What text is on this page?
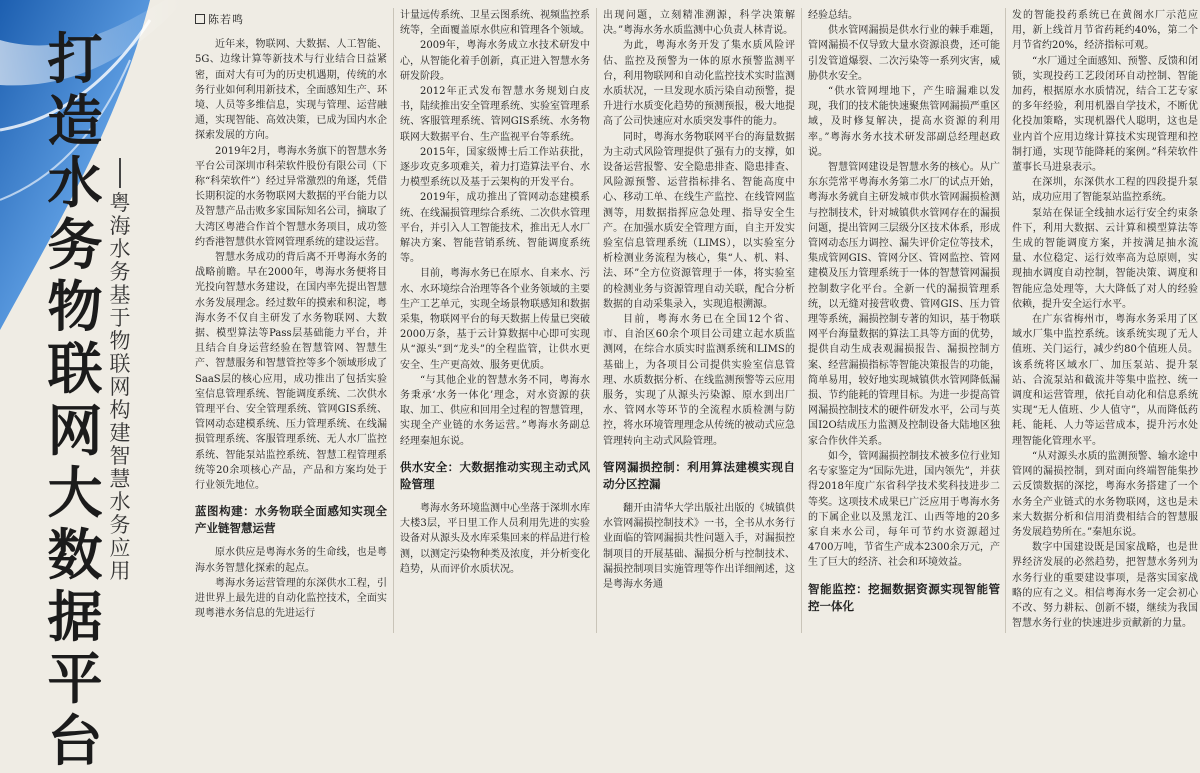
打
造
水
务
物
联
网
大
数
据
平
台
粤
海
水
务
基
于
物
联
网
构
建
智
慧
水
务
应
用
陈若鸣

近年来，物联网、大数据、人工智能、5G、边缘计算等新技术与行业结合日益紧密，面对大有可为的历史机遇期，传统的水务行业如何利用新技术，全面感知生产、环境、人员等多维信息，实现与管理、运营融通，实现智能、高效决策，已成为国内水企探索发展的方向。

2019年2月，粤海水务旗下的智慧水务平台公司深圳市科荣软件股份有限公司（下称“科荣软件”）经过异常激烈的角逐，凭借长期积淀的水务物联网大数据的平台能力以及智慧产品击败多家国际知名公司，摘取了大湾区粤港合作首个智慧水务项目，成功签约香港智慧供水管网管理系统的建设运营。

智慧水务成功的背后离不开粤海水务的战略前瞻。早在2000年，粤海水务便将目光投向智慧水务建设，在国内率先提出智慧水务发展理念。经过数年的摸索和积淀，粤海水务不仅自主研发了水务物联网、大数据、模型算法等Pass层基础能力平台，并且结合自身运营经验在智慧管网、智慧生产、智慧服务和智慧管控等多个领域形成了SaaS层的核心应用，成功推出了包括实验室信息管理系统、智能调度系统、二次供水管理平台、安全管理系统、管网GIS系统、管网动态建模系统、压力管理系统、在线漏损管理系统、客服管理系统、无人水厂监控系统、智能泵站监控系统、智慧工程管理系统等20余项核心产品，产品和方案均处于行业领先地位。

蓝图构建：水务物联全面感知实现全产业链智慧运营

原水供应是粤海水务的生命线，也是粤海水务智慧化探索的起点。

粤海水务运营管理的东深供水工程，引进世界上最先进的自动化监控技术，全面实现粤港水务信息的先进运行

计量远传系统、卫星云图系统、视频监控系统等，全面覆盖原水供应和管理各个领域。

2009年，粤海水务成立水技术研发中心，从智能化着手创新，真正进入智慧水务研发阶段。

2012年正式发布智慧水务规划白皮书，陆续推出安全管理系统、实验室管理系统、客服管理系统、管网GIS系统、水务物联网大数据平台、生产监视平台等系统。

2015年，国家级博士后工作站获批，逐步攻克多项难关，着力打造算法平台、水力模型系统以及基于云架构的开发平台。

2019年，成功推出了管网动态建模系统、在线漏损管理综合系统、二次供水管理平台，并引入人工智能技术，推出无人水厂解决方案、智能营销系统、智能调度系统等。

目前，粤海水务已在原水、自来水、污水、水环境综合治理等各个业务领域的主要生产工艺单元，实现全场景物联感知和数据采集，物联网平台的每天数据上传量已突破2000万条，基于云计算数据中心即可实现从“源头”到“龙头”的全程监管，让供水更安全、生产更高效、服务更优质。

“与其他企业的智慧水务不同，粤海水务秉承‘水务一体化’理念，对水资源的获取、加工、供应和回用全过程的智慧管理，实现全产业链的水务运营。”粤海水务副总经理秦旭东说。

供水安全：大数据推动实现主动式风险管理

粤海水务环境监测中心坐落于深圳水库大楼3层，平日里工作人员利用先进的实验设备对从源头及水库采集回来的样品进行检测，以测定污染物种类及浓度，并分析变化趋势，从而评价水质状况。

出现问题，立刻精准溯源，科学决策解决。”粤海水务水质监测中心负责人林青说。

为此，粤海水务开发了集水质风险评估、监控及预警为一体的原水预警监测平台，利用物联网和自动化监控技术实时监测水质状况，一旦发现水质污染自动预警，提升进行水质变化趋势的预测预报，极大地提高了公司快速应对水质突发事件的能力。

同时，粤海水务物联网平台的海量数据为主动式风险管理提供了强有力的支撑，如设备运营报警、安全隐患排查、隐患排查、风险源预警、运营指标排名、智能高度中心、移动工单、在线生产监控、在线管网监测等，用数据指挥应急处理、指导安全生产。在加强水质安全管理方面，自主开发实验室信息管理系统（LIMS），以实验室分析检测业务流程为核心，集“人、机、料、法、环”全方位资源管理于一体，将实验室的检测业务与资源管理自动关联，配合分析数据的自动采集录入，实现追根溯源。

目前，粤海水务已在全国12个省、市、自治区60余个项目公司建立起水质监测网，在综合水质实时监测系统和LIMS的基础上，为各项目公司提供实验室信息管理、水质数据分析、在线监测预警等云应用服务，实现了从源头污染源、原水到出厂水、管网水等环节的全流程水质检测与防控，将水环境管理理念从传统的被动式应急管理转向主动式风险管理。

管网漏损控制：利用算法建模实现自动分区控漏

翻开由清华大学出版社出版的《城镇供水管网漏损控制技术》一书，全书从水务行业面临的管网漏损共性问题入手，对漏损控制项目的开展基础、漏损分析与控制技术、漏损控制项目实施管理等作出详细阐述，这是粤海水务通

经验总结。

供水管网漏损是供水行业的棘手难题，管网漏损不仅导致大量水资源浪费，还可能引发管道爆裂、二次污染等一系列灾害，威胁供水安全。

“供水管网埋地下，产生暗漏难以发现，我们的技术能快速聚焦管网漏损严重区域，及时修复解决，提高水资源的利用率。”粤海水务水技术研发部副总经理赵政说。

智慧管网建设是智慧水务的核心。从广东东莞常平粤海水务第二水厂的试点开始，粤海水务就自主研发城市供水管网漏损检测与控制技术，针对城镇供水管网存在的漏损问题，提出管网三层级分区技术体系，形成管网动态压力调控、漏失评价定位等技术，集成管网GIS、管网分区、管网监控、管网建模及压力管理系统于一体的智慧管网漏损控制数字化平台。全新一代的漏损管理系统，以无缝对接营收费、管网GIS、压力管理等系统，漏损控制专著的知识，基于物联网平台海量数据的算法工具等方面的优势，提供自动生成表观漏损报告、漏损控制方案、经营漏损指标等智能决策报告的功能，简单易用，较好地实现城镇供水管网降低漏损、节约能耗的管理目标。为进一步提高管网漏损控制技术的硬件研发水平，公司与英国I2O结成压力监测及控制设备大陆地区独家合作伙伴关系。

如今，管网漏损控制技术被多位行业知名专家鉴定为“国际先进，国内领先”，并获得2018年度广东省科学技术奖科技进步二等奖。这项技术成果已广泛应用于粤海水务的下属企业以及黑龙江、山西等地的20多家自来水公司，每年可节约水资源超过4700万吨，节省生产成本2300余万元，产生了巨大的经济、社会和环境效益。

智能监控：挖掘数据资源实现智能管控一体化

发的智能投药系统已在黄阁水厂示范应用，新上线首月节省药耗约40%，第二个月节省约20%，经济指标可观。

“水厂通过全面感知、预警、反馈和闭锁，实现投药工艺段闭环自动控制、智能加药，根据原水水质情况，结合工艺专家的多年经验，利用机器自学技术，不断优化投加策略，实现机器代人聪明，这也是业内首个应用边缘计算技术实现管理和控制打通，实现节能降耗的案例。”科荣软件董事长马进泉表示。

在深圳，东深供水工程的四段提升泵站，成功应用了智能泵站监控系统。

泵站在保证全线抽水运行安全约束条件下，利用大数据、云计算和模型算法等生成的智能调度方案，并按满足抽水流量、水位稳定、运行效率高为总原则，实现抽水调度自动控制，智能决策、调度和智能应急处理等，大大降低了对人的经验依赖，提升安全运行水平。

在广东省梅州市，粤海水务采用了区域水厂集中监控系统。该系统实现了无人值班、关门运行，减少约80个值班人员。该系统将区域水厂、加压泵站、提升泵站、合流泵站和截流井等集中监控、统一调度和运营管理，依托自动化和信息系统实现“无人值班、少人值守”，从而降低药耗、能耗、人力等运营成本，提升污水处理智能化管理水平。

“从对源头水质的监测预警、输水途中管网的漏损控制，到对面向终端智能集抄云反馈数据的深挖，粤海水务搭建了一个水务全产业链式的水务物联网，这也是未来大数据分析和信用消费相结合的智慧服务发展趋势所在。”秦旭东说。

数字中国建设既是国家战略，也是世界经济发展的必然趋势，把智慧水务列为水务行业的重要建设事项，是落实国家战略的应有之义。相信粤海水务一定会初心不改、努力耕耘、创新不辍，继续为我国智慧水务行业的快速进步贡献新的力量。
